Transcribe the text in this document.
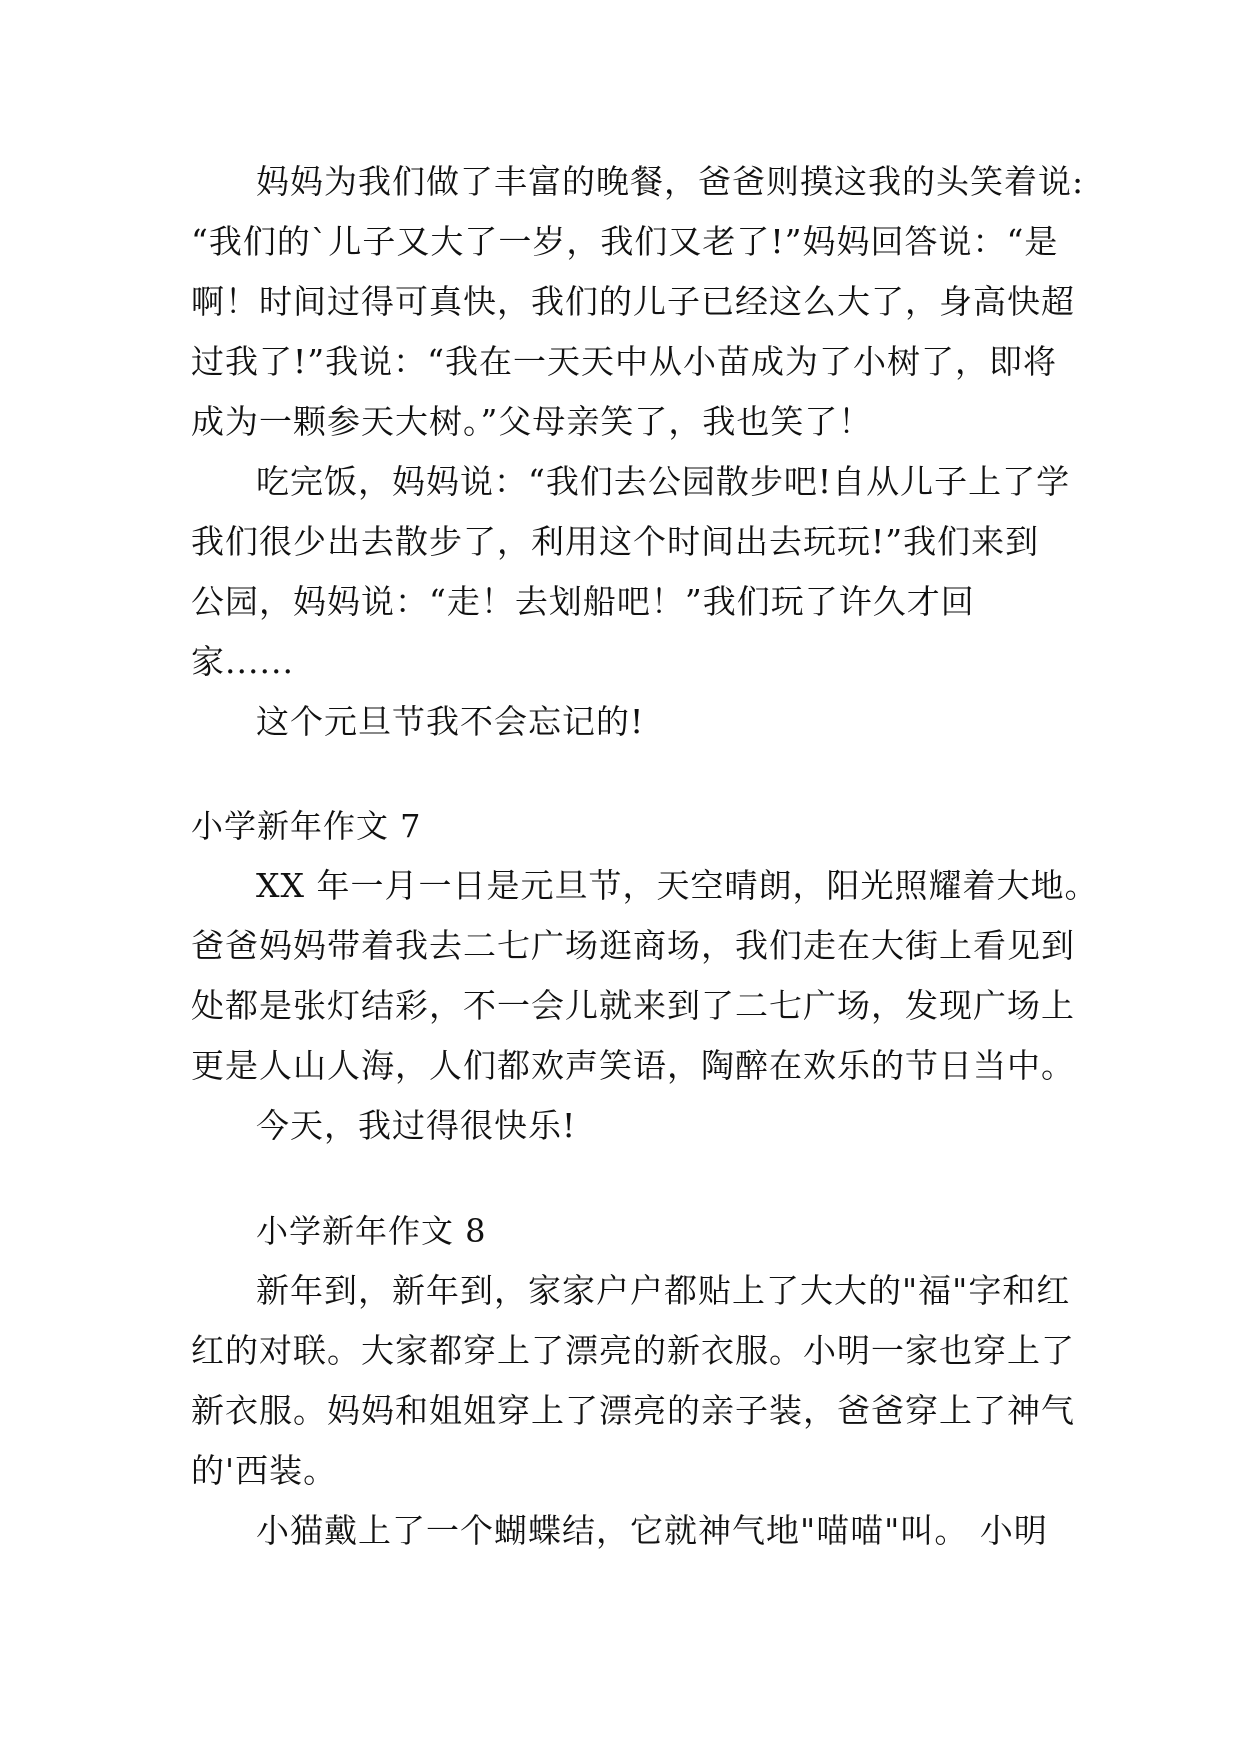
妈妈为我们做了丰富的晚餐，爸爸则摸这我的头笑着说:
“我们的`儿子又大了一岁，我们又老了!”妈妈回答说：“是
啊！时间过得可真快，我们的儿子已经这么大了，身高快超
过我了!”我说：“我在一天天中从小苗成为了小树了，即将
成为一颗参天大树。”父母亲笑了，我也笑了！
吃完饭，妈妈说：“我们去公园散步吧!自从儿子上了学
我们很少出去散步了，利用这个时间出去玩玩!”我们来到
公园，妈妈说：“走！去划船吧！”我们玩了许久才回
家......
这个元旦节我不会忘记的!
小学新年作文 7
XX 年一月一日是元旦节，天空晴朗，阳光照耀着大地。
爸爸妈妈带着我去二七广场逛商场，我们走在大街上看见到
处都是张灯结彩，不一会儿就来到了二七广场，发现广场上
更是人山人海，人们都欢声笑语，陶醉在欢乐的节日当中。
今天，我过得很快乐!
小学新年作文 8
新年到，新年到，家家户户都贴上了大大的"福"字和红
红的对联。大家都穿上了漂亮的新衣服。小明一家也穿上了
新衣服。妈妈和姐姐穿上了漂亮的亲子装，爸爸穿上了神气
的'西装。
小猫戴上了一个蝴蝶结，它就神气地"喵喵"叫。 小明
